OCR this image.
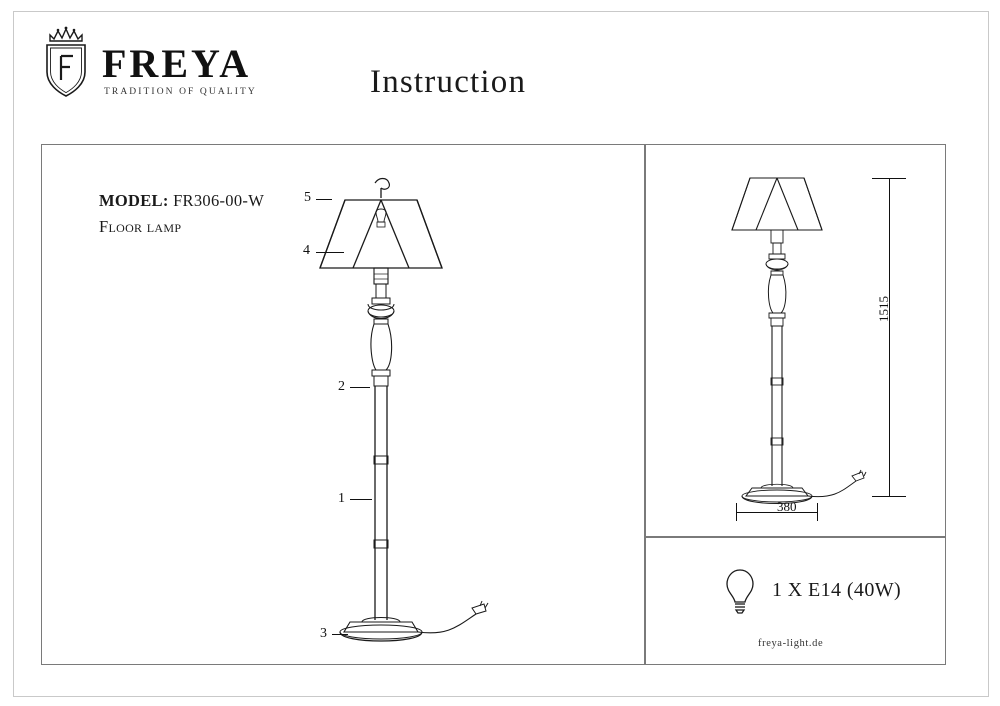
FREYA
TRADITION OF QUALITY	Instruction
MODEL: FR306-00-W
Floor lamp
5
4
2
1
3
1515
380
1 X E14 (40W)
freya-light.de
